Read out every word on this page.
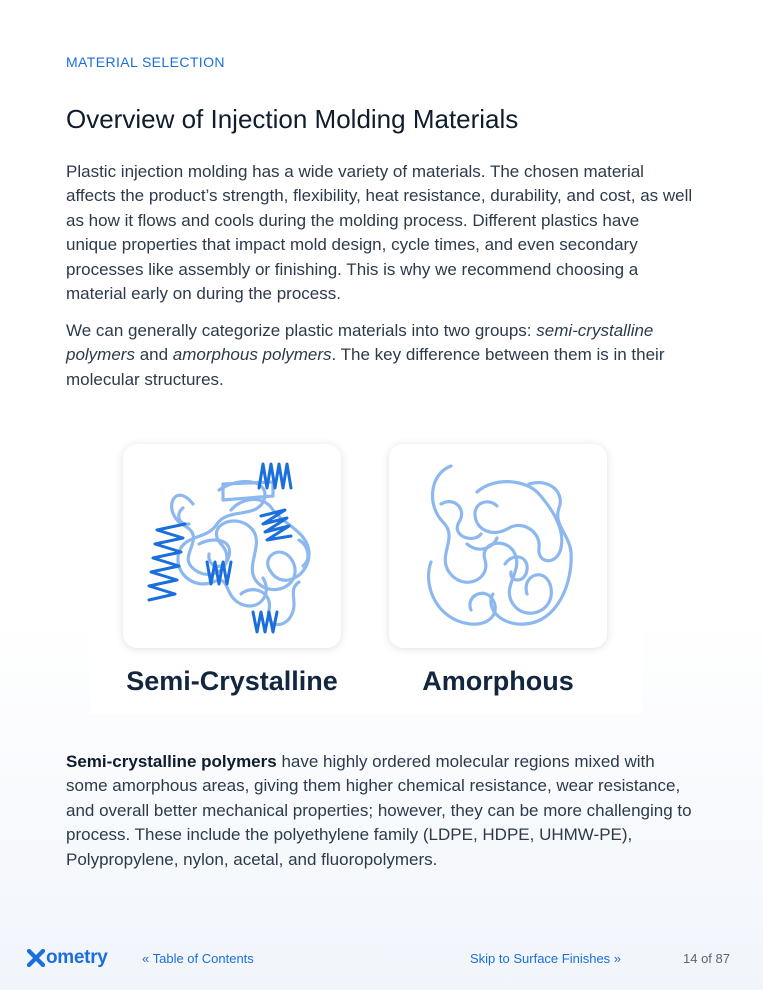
MATERIAL SELECTION
Overview of Injection Molding Materials

Plastic injection molding has a wide variety of materials. The chosen material affects the product’s strength, flexibility, heat resistance, durability, and cost, as well as how it flows and cools during the molding process. Different plastics have unique properties that impact mold design, cycle times, and even secondary processes like assembly or finishing. This is why we recommend choosing a material early on during the process.

We can generally categorize plastic materials into two groups: semi-crystalline polymers and amorphous polymers. The key difference between them is in their molecular structures.

Semi-Crystalline	Amorphous

Semi-crystalline polymers have highly ordered molecular regions mixed with some amorphous areas, giving them higher chemical resistance, wear resistance, and overall better mechanical properties; however, they can be more challenging to process. These include the polyethylene family (LDPE, HDPE, UHMW-PE), Polypropylene, nylon, acetal, and fluoropolymers.

ometry	« Table of Contents	Skip to Surface Finishes »	14 of 87
